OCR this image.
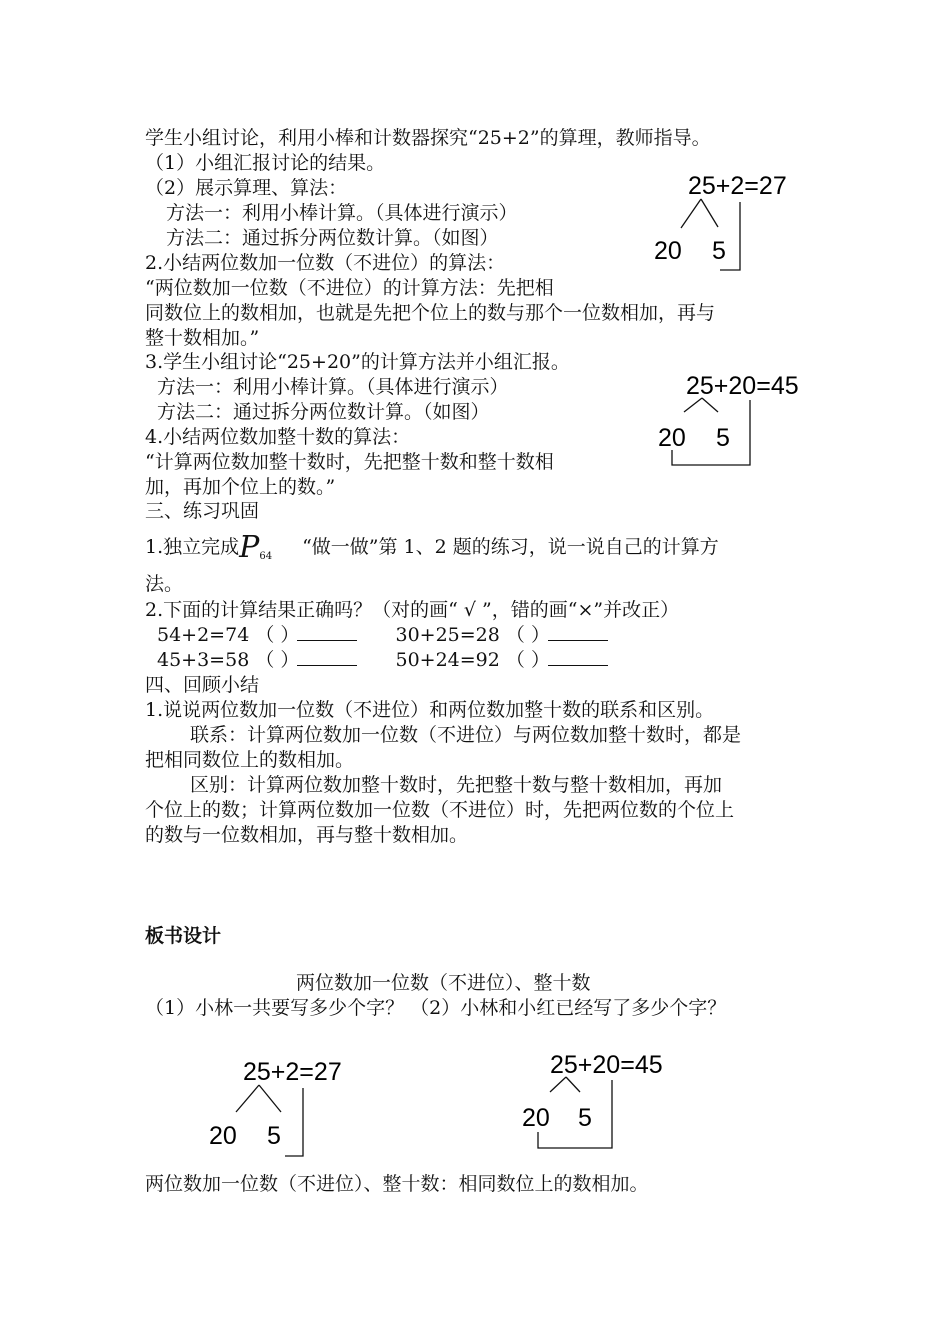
学生小组讨论，利用小棒和计数器探究“25+2”的算理，教师指导。
（1）小组汇报讨论的结果。
（2）展示算理、算法：
方法一：利用小棒计算。（具体进行演示）
方法二：通过拆分两位数计算。（如图）
2.小结两位数加一位数（不进位）的算法：
“两位数加一位数（不进位）的计算方法：先把相
同数位上的数相加，也就是先把个位上的数与那个一位数相加，再与
整十数相加。”
3.学生小组讨论“25+20”的计算方法并小组汇报。
方法一：利用小棒计算。（具体进行演示）
方法二：通过拆分两位数计算。（如图）
4.小结两位数加整十数的算法：
“计算两位数加整十数时，先把整十数和整十数相
加，再加个位上的数。”
三、练习巩固
1.独立完成$P_{64}$ “做一做”第 1、2 题的练习，说一说自己的计算方
法。
2.下面的计算结果正确吗？（对的画“ √ ”，错的画“×”并改正）
54+2=74 （ ）	30+25=28 （ ）
45+3=58 （ ）	50+24=92 （ ）
四、回顾小结
1.说说两位数加一位数（不进位）和两位数加整十数的联系和区别。
联系：计算两位数加一位数（不进位）与两位数加整十数时，都是
把相同数位上的数相加。
区别：计算两位数加整十数时，先把整十数与整十数相加，再加
个位上的数；计算两位数加一位数（不进位）时，先把两位数的个位上
的数与一位数相加，再与整十数相加。
板书设计
两位数加一位数（不进位）、整十数
（1）小林一共要写多少个字？ （2）小林和小红已经写了多少个字？
两位数加一位数（不进位）、整十数：相同数位上的数相加。
25+2=27
20 5
25+20=45
20 5
25+2=27
20 5
25+20=45
20 5
